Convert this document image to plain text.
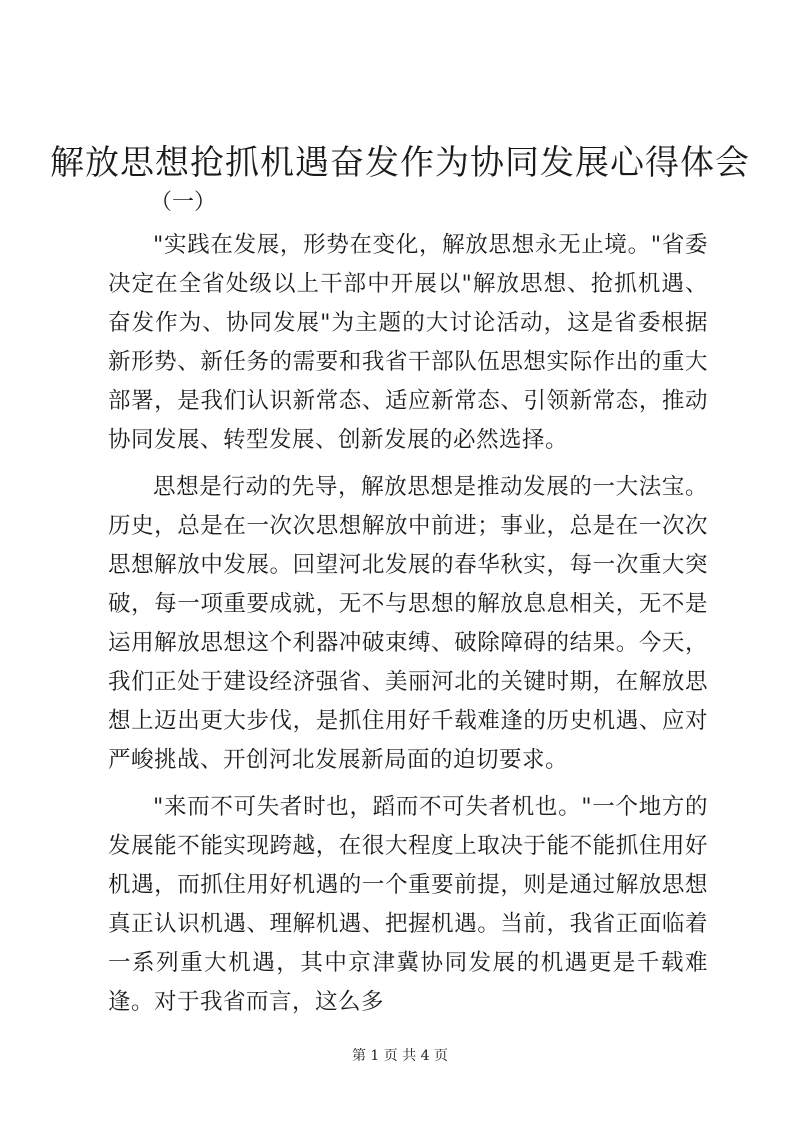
解放思想抢抓机遇奋发作为协同发展心得体会
（一）

"实践在发展，形势在变化，解放思想永无止境。"省委决定在全省处级以上干部中开展以"解放思想、抢抓机遇、奋发作为、协同发展"为主题的大讨论活动，这是省委根据新形势、新任务的需要和我省干部队伍思想实际作出的重大部署，是我们认识新常态、适应新常态、引领新常态，推动协同发展、转型发展、创新发展的必然选择。

思想是行动的先导，解放思想是推动发展的一大法宝。历史，总是在一次次思想解放中前进；事业，总是在一次次思想解放中发展。回望河北发展的春华秋实，每一次重大突破，每一项重要成就，无不与思想的解放息息相关，无不是运用解放思想这个利器冲破束缚、破除障碍的结果。今天，我们正处于建设经济强省、美丽河北的关键时期，在解放思想上迈出更大步伐，是抓住用好千载难逢的历史机遇、应对严峻挑战、开创河北发展新局面的迫切要求。

"来而不可失者时也，蹈而不可失者机也。"一个地方的发展能不能实现跨越，在很大程度上取决于能不能抓住用好机遇，而抓住用好机遇的一个重要前提，则是通过解放思想真正认识机遇、理解机遇、把握机遇。当前，我省正面临着一系列重大机遇，其中京津冀协同发展的机遇更是千载难逢。对于我省而言，这么多

第 1 页 共 4 页
